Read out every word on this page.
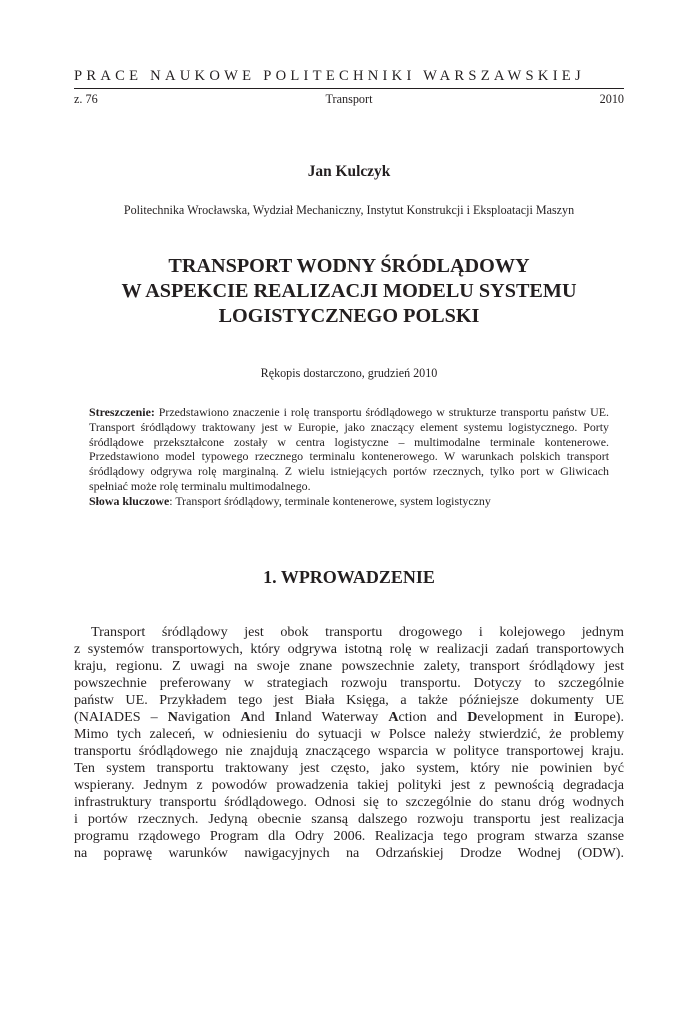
PRACE NAUKOWE POLITECHNIKI WARSZAWSKIEJ
z. 76	Transport	2010
Jan Kulczyk
Politechnika Wrocławska, Wydział Mechaniczny, Instytut Konstrukcji i Eksploatacji Maszyn
TRANSPORT WODNY ŚRÓDLĄDOWY
W ASPEKCIE REALIZACJI MODELU SYSTEMU
LOGISTYCZNEGO POLSKI
Rękopis dostarczono, grudzień 2010

Streszczenie: Przedstawiono znaczenie i rolę transportu śródlądowego w strukturze transportu państw UE. Transport śródlądowy traktowany jest w Europie, jako znaczący element systemu logistycznego. Porty śródlądowe przekształcone zostały w centra logistyczne – multimodalne terminale kontenerowe. Przedstawiono model typowego rzecznego terminalu kontenerowego. W warunkach polskich transport śródlądowy odgrywa rolę marginalną. Z wielu istniejących portów rzecznych, tylko port w Gliwicach spełniać może rolę terminalu multimodalnego.

Słowa kluczowe: Transport śródlądowy, terminale kontenerowe, system logistyczny

1. WPROWADZENIE
Transport śródlądowy jest obok transportu drogowego i kolejowego jednym
z systemów transportowych, który odgrywa istotną rolę w realizacji zadań transportowych
kraju, regionu. Z uwagi na swoje znane powszechnie zalety, transport śródlądowy jest
powszechnie preferowany w strategiach rozwoju transportu. Dotyczy to szczególnie
państw UE. Przykładem tego jest Biała Księga, a także późniejsze dokumenty UE
(NAIADES – Navigation And Inland Waterway Action and Development in Europe).
Mimo tych zaleceń, w odniesieniu do sytuacji w Polsce należy stwierdzić, że problemy
transportu śródlądowego nie znajdują znaczącego wsparcia w polityce transportowej kraju.
Ten system transportu traktowany jest często, jako system, który nie powinien być
wspierany. Jednym z powodów prowadzenia takiej polityki jest z pewnością degradacja
infrastruktury transportu śródlądowego. Odnosi się to szczególnie do stanu dróg wodnych
i portów rzecznych. Jedyną obecnie szansą dalszego rozwoju transportu jest realizacja
programu rządowego Program dla Odry 2006. Realizacja tego program stwarza szanse
na poprawę warunków nawigacyjnych na Odrzańskiej Drodze Wodnej (ODW).
